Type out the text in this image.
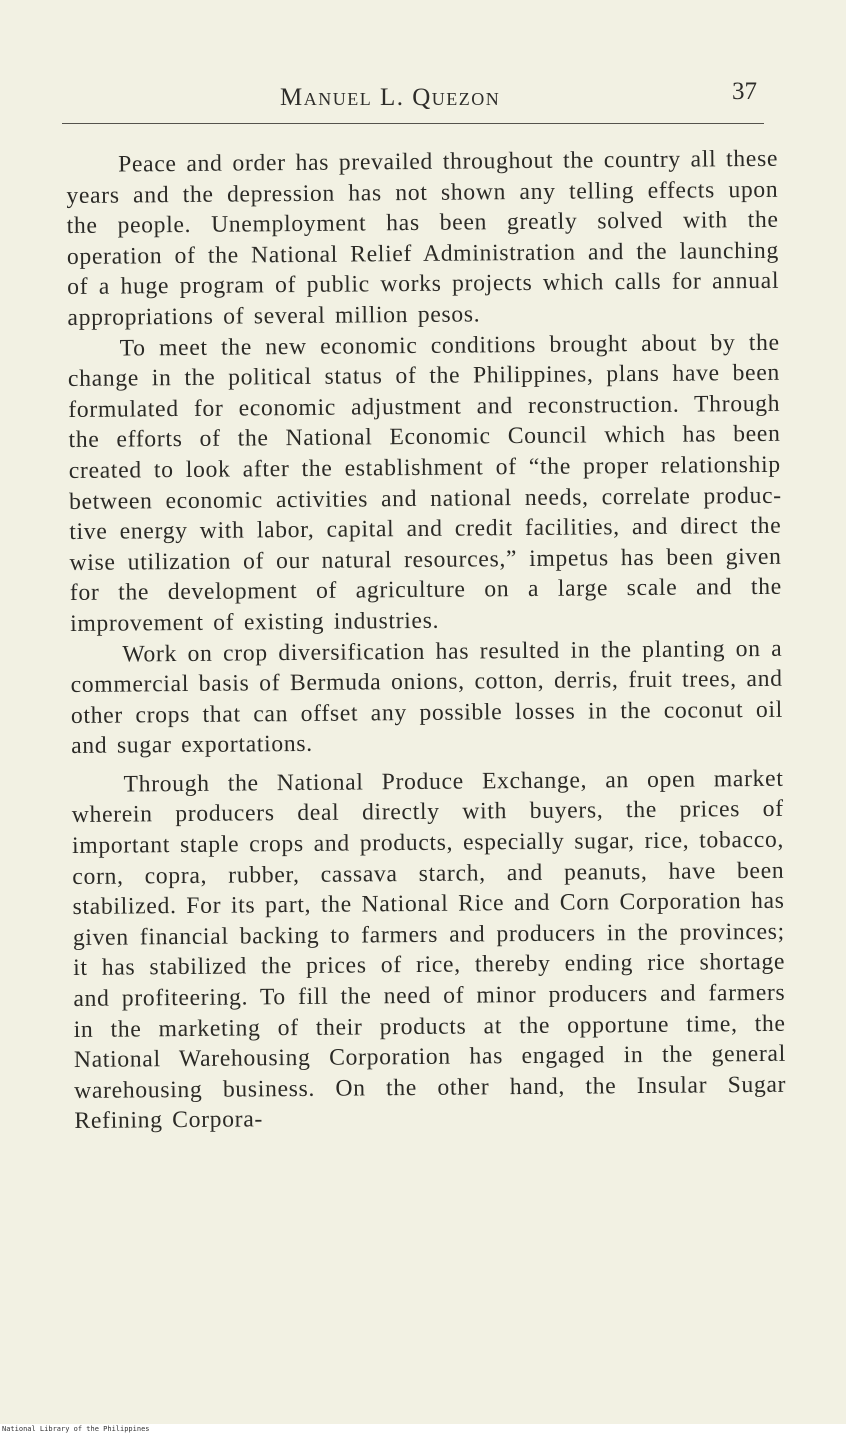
Manuel L. Quezon	37

Peace and order has prevailed throughout the country all these years and the depression has not shown any telling effects upon the people. Unemployment has been greatly solved with the operation of the National Relief Administration and the launching of a huge program of public works projects which calls for annual appropriations of several million pesos.

To meet the new economic conditions brought about by the change in the political status of the Philippines, plans have been formulated for economic adjustment and reconstruction. Through the efforts of the National Economic Council which has been created to look after the establishment of “the proper relationship between economic activities and national needs, correlate productive energy with labor, capital and credit facilities, and direct the wise utilization of our natural resources,” impetus has been given for the development of agriculture on a large scale and the improvement of existing industries.

Work on crop diversification has resulted in the planting on a commercial basis of Bermuda onions, cotton, derris, fruit trees, and other crops that can offset any possible losses in the coconut oil and sugar exportations.

Through the National Produce Exchange, an open market wherein producers deal directly with buyers, the prices of important staple crops and products, especially sugar, rice, tobacco, corn, copra, rubber, cassava starch, and peanuts, have been stabilized. For its part, the National Rice and Corn Corporation has given financial backing to farmers and producers in the provinces; it has stabilized the prices of rice, thereby ending rice shortage and profiteering. To fill the need of minor producers and farmers in the marketing of their products at the opportune time, the National Warehousing Corporation has engaged in the general warehousing business. On the other hand, the Insular Sugar Refining Corpora-

National Library of the Philippines
